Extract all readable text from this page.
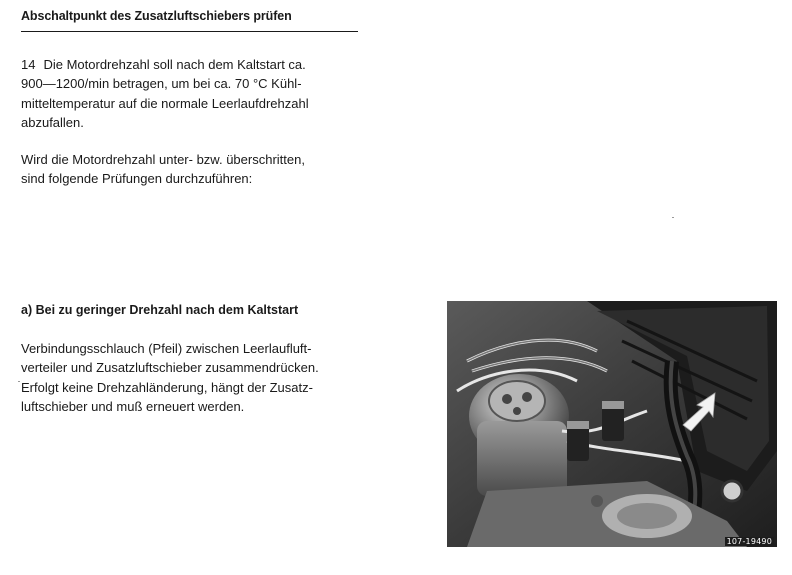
Abschaltpunkt des Zusatzluftschiebers prüfen

14 Die Motordrehzahl soll nach dem Kaltstart ca.
900—1200/min betragen, um bei ca. 70 °C Kühl-
mitteltemperatur auf die normale Leerlaufdrehzahl
abzufallen.

Wird die Motordrehzahl unter- bzw. überschritten,
sind folgende Prüfungen durchzuführen:

a) Bei zu geringer Drehzahl nach dem Kaltstart

Verbindungsschlauch (Pfeil) zwischen Leerlaufluft-
verteiler und Zusatzluftschieber zusammendrücken.
Erfolgt keine Drehzahländerung, hängt der Zusatz-
luftschieber und muß erneuert werden.

107-19490
